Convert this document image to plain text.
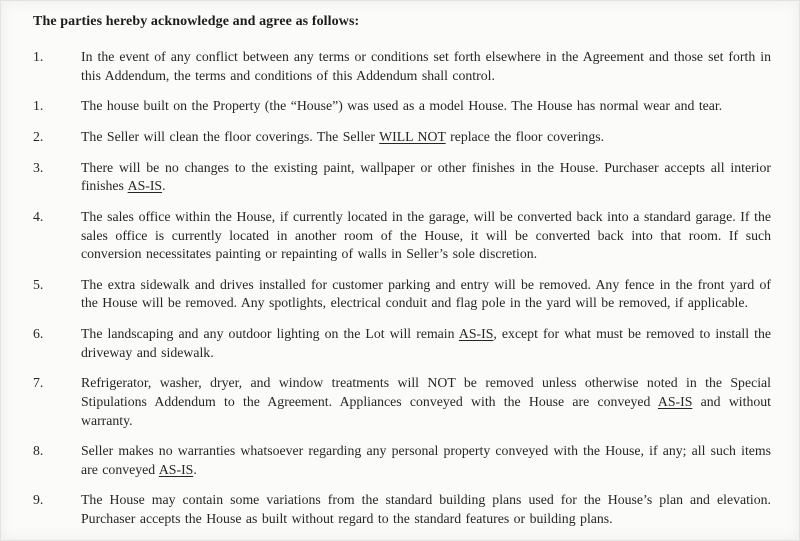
The parties hereby acknowledge and agree as follows:
1.	In the event of any conflict between any terms or conditions set forth elsewhere in the Agreement and those set forth in this Addendum, the terms and conditions of this Addendum shall control.

1.	The house built on the Property (the “House”) was used as a model House. The House has normal wear and tear.

2.	The Seller will clean the floor coverings. The Seller WILL NOT replace the floor coverings.

3.	There will be no changes to the existing paint, wallpaper or other finishes in the House. Purchaser accepts all interior finishes AS-IS.

4.	The sales office within the House, if currently located in the garage, will be converted back into a standard garage. If the sales office is currently located in another room of the House, it will be converted back into that room. If such conversion necessitates painting or repainting of walls in Seller’s sole discretion.

5.	The extra sidewalk and drives installed for customer parking and entry will be removed. Any fence in the front yard of the House will be removed. Any spotlights, electrical conduit and flag pole in the yard will be removed, if applicable.

6.	The landscaping and any outdoor lighting on the Lot will remain AS-IS, except for what must be removed to install the driveway and sidewalk.

7.	Refrigerator, washer, dryer, and window treatments will NOT be removed unless otherwise noted in the Special Stipulations Addendum to the Agreement. Appliances conveyed with the House are conveyed AS-IS and without warranty.

8.	Seller makes no warranties whatsoever regarding any personal property conveyed with the House, if any; all such items are conveyed AS-IS.

9.	The House may contain some variations from the standard building plans used for the House’s plan and elevation. Purchaser accepts the House as built without regard to the standard features or building plans.
